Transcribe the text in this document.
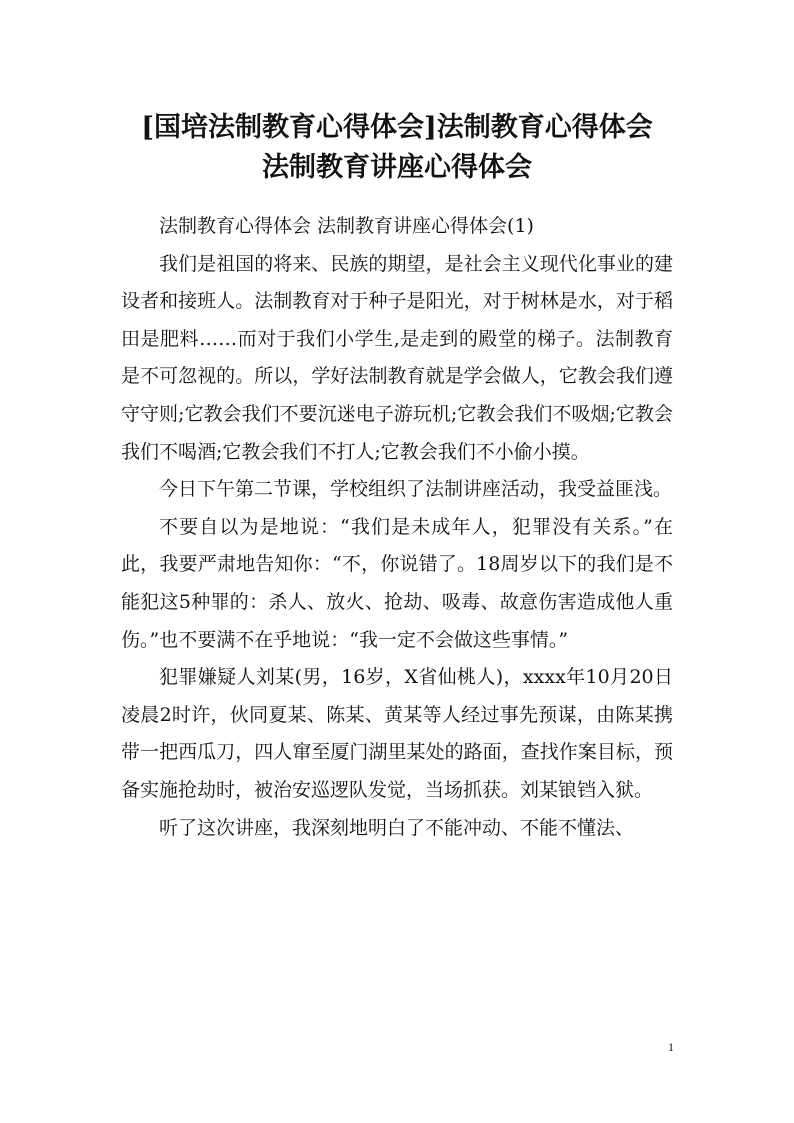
[国培法制教育心得体会]法制教育心得体会
法制教育讲座心得体会

法制教育心得体会 法制教育讲座心得体会(1)

我们是祖国的将来、民族的期望，是社会主义现代化事业的建设者和接班人。法制教育对于种子是阳光，对于树林是水，对于稻田是肥料……而对于我们小学生,是走到的殿堂的梯子。法制教育是不可忽视的。所以，学好法制教育就是学会做人，它教会我们遵守守则;它教会我们不要沉迷电子游玩机;它教会我们不吸烟;它教会我们不喝酒;它教会我们不打人;它教会我们不小偷小摸。

今日下午第二节课，学校组织了法制讲座活动，我受益匪浅。

不要自以为是地说：“我们是未成年人，犯罪没有关系。”在此，我要严肃地告知你：“不，你说错了。18周岁以下的我们是不能犯这5种罪的：杀人、放火、抢劫、吸毒、故意伤害造成他人重伤。”也不要满不在乎地说：“我一定不会做这些事情。”

犯罪嫌疑人刘某(男，16岁，X省仙桃人)，xxxx年10月20日凌晨2时许，伙同夏某、陈某、黄某等人经过事先预谋，由陈某携带一把西瓜刀，四人窜至厦门湖里某处的路面，查找作案目标，预备实施抢劫时，被治安巡逻队发觉，当场抓获。刘某锒铛入狱。

听了这次讲座，我深刻地明白了不能冲动、不能不懂法、

1
